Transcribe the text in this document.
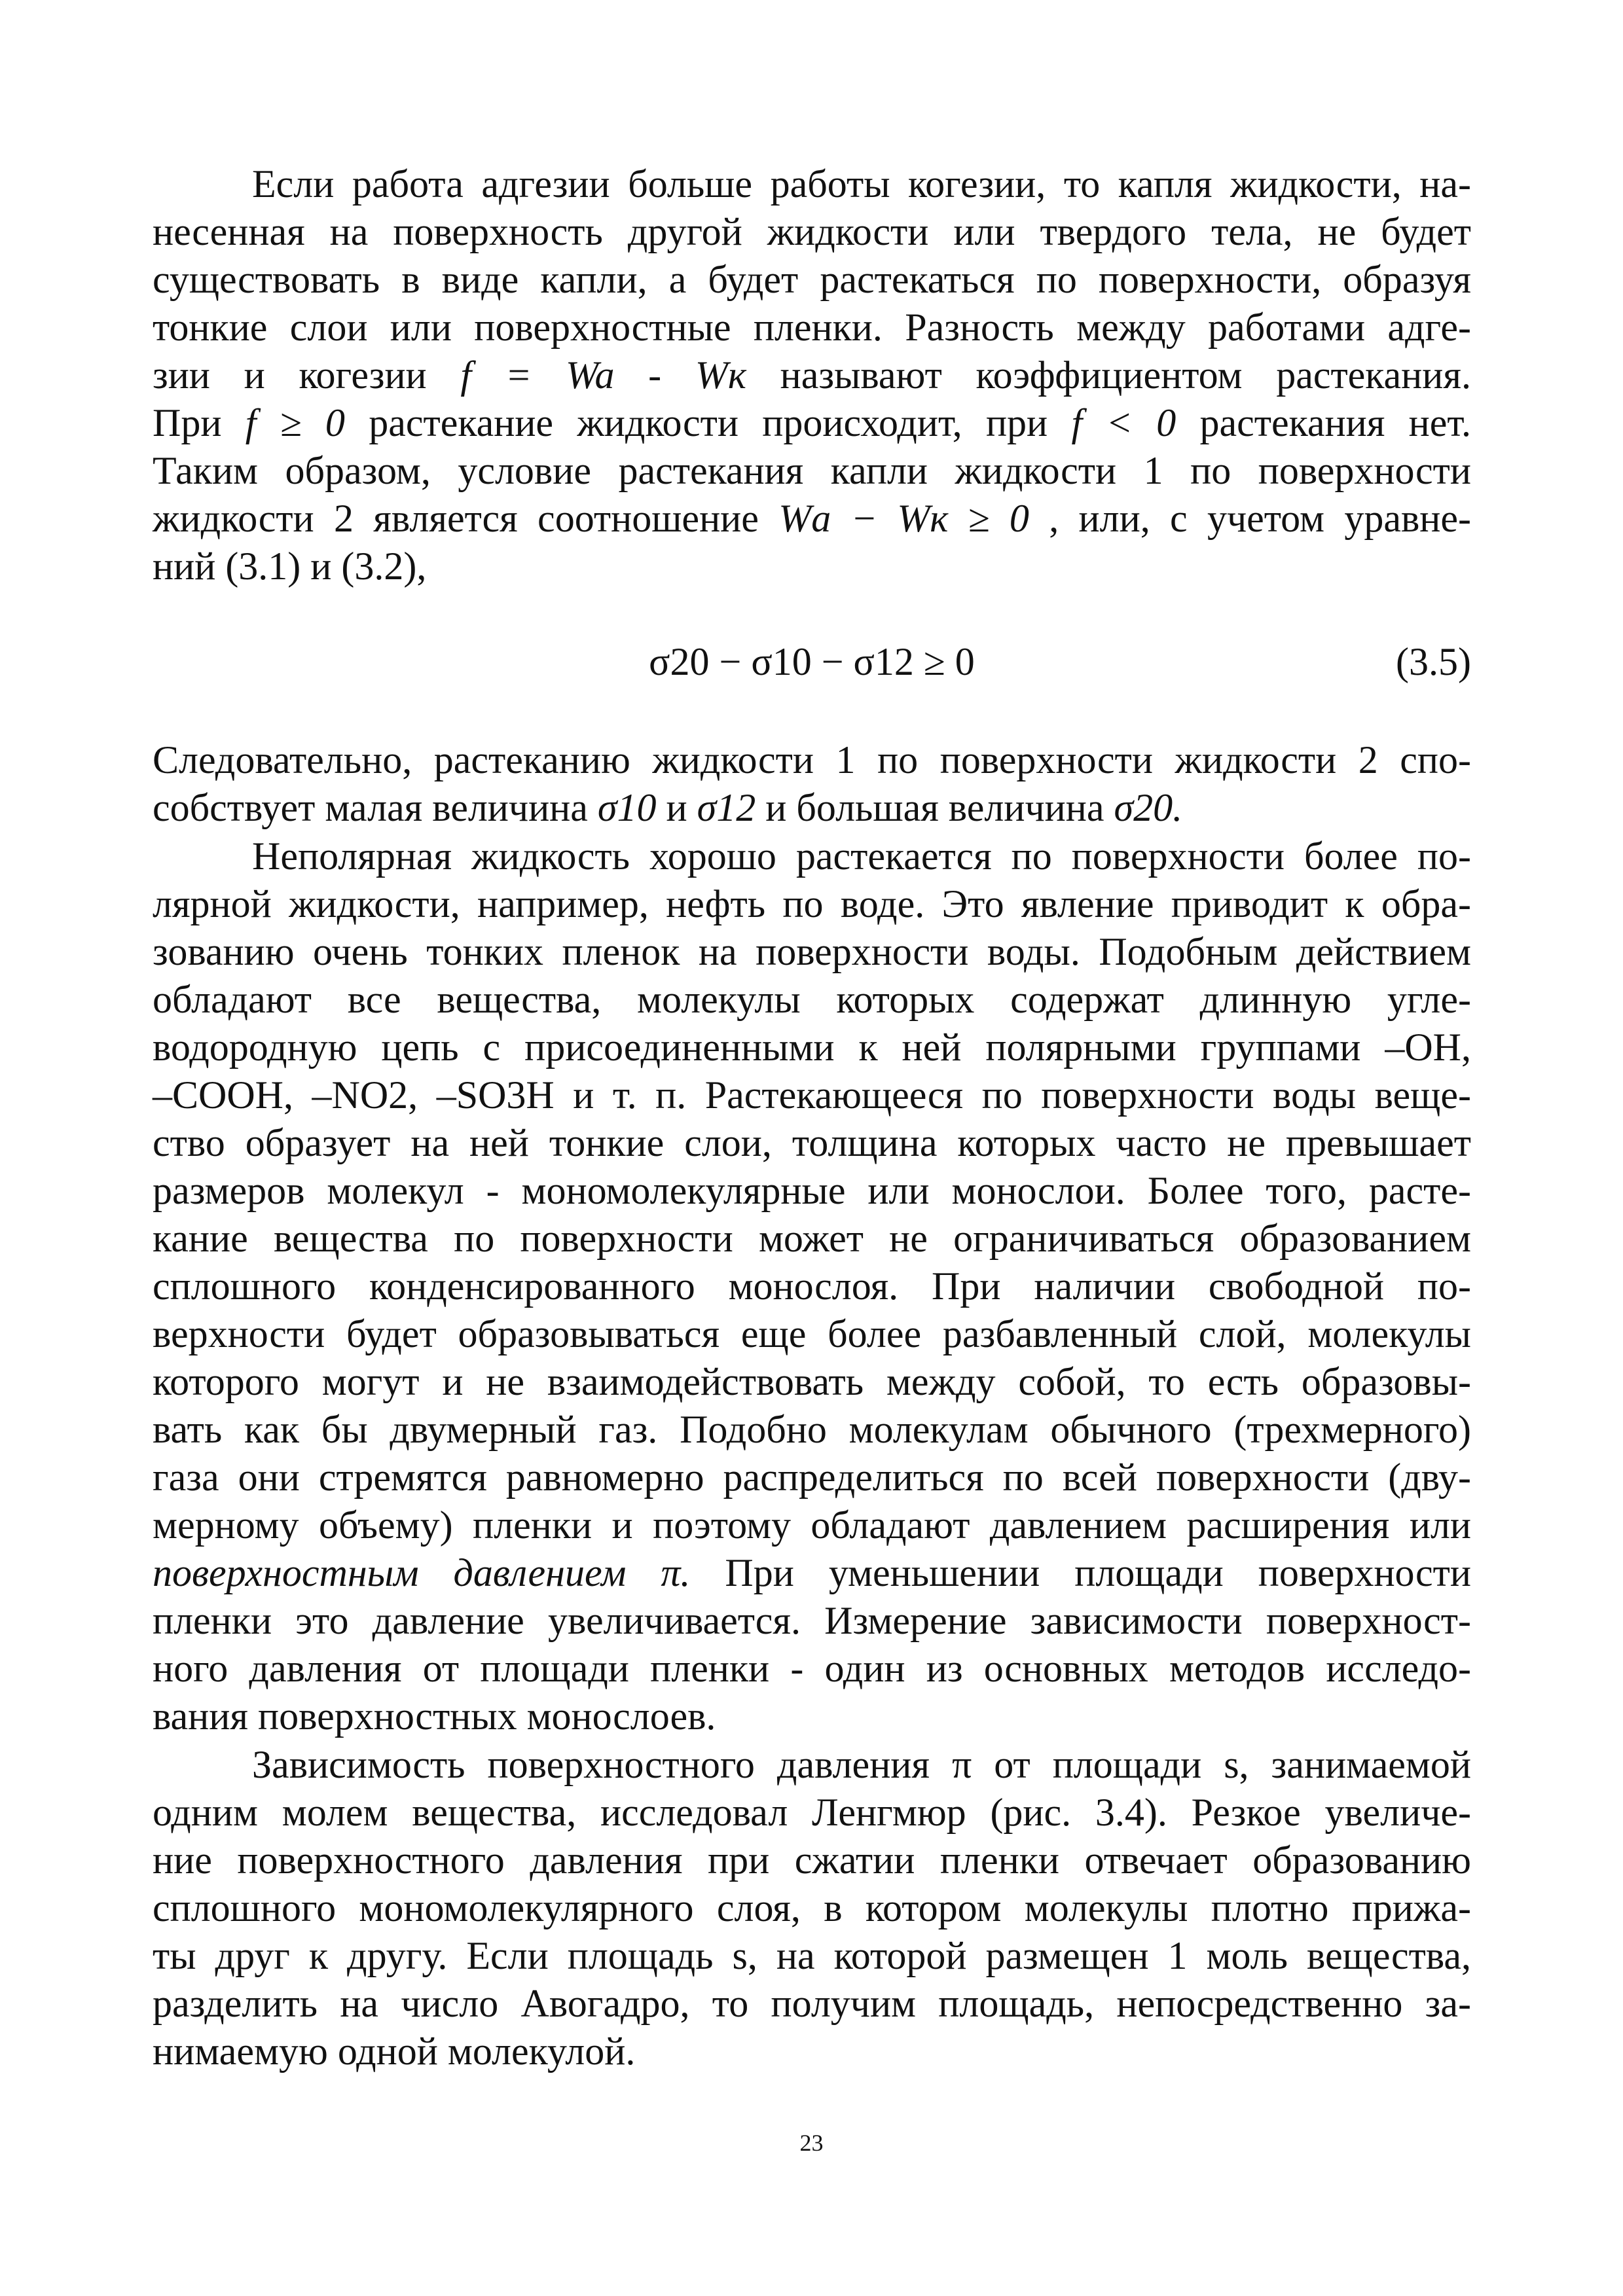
Если работа адгезии больше работы когезии, то капля жидкости, на-
несенная на поверхность другой жидкости или твердого тела, не будет
существовать в виде капли, а будет растекаться по поверхности, образуя
тонкие слои или поверхностные пленки. Разность между работами адге-
зии и когезии f = Wa - Wк называют коэффициентом растекания.
При f ≥ 0 растекание жидкости происходит, при f < 0 растекания нет.
Таким образом, условие растекания капли жидкости 1 по поверхности
жидкости 2 является соотношение Wа − Wк ≥ 0 , или, с учетом уравне-
ний (3.1) и (3.2),
σ20 − σ10 − σ12 ≥ 0	(3.5)
Следовательно, растеканию жидкости 1 по поверхности жидкости 2 спо-
собствует малая величина σ10 и σ12 и большая величина σ20.
Неполярная жидкость хорошо растекается по поверхности более по-
лярной жидкости, например, нефть по воде. Это явление приводит к обра-
зованию очень тонких пленок на поверхности воды. Подобным действием
обладают все вещества, молекулы которых содержат длинную угле-
водородную цепь с присоединенными к ней полярными группами –OH,
–COOH, –NO2, –SO3H и т. п. Растекающееся по поверхности воды веще-
ство образует на ней тонкие слои, толщина которых часто не превышает
размеров молекул - мономолекулярные или монослои. Более того, расте-
кание вещества по поверхности может не ограничиваться образованием
сплошного конденсированного монослоя. При наличии свободной по-
верхности будет образовываться еще более разбавленный слой, молекулы
которого могут и не взаимодействовать между собой, то есть образовы-
вать как бы двумерный газ. Подобно молекулам обычного (трехмерного)
газа они стремятся равномерно распределиться по всей поверхности (дву-
мерному объему) пленки и поэтому обладают давлением расширения или
поверхностным давлением π. При уменьшении площади поверхности
пленки это давление увеличивается. Измерение зависимости поверхност-
ного давления от площади пленки - один из основных методов исследо-
вания поверхностных монослоев.
Зависимость поверхностного давления π от площади s, занимаемой
одним молем вещества, исследовал Ленгмюр (рис. 3.4). Резкое увеличе-
ние поверхностного давления при сжатии пленки отвечает образованию
сплошного мономолекулярного слоя, в котором молекулы плотно прижа-
ты друг к другу. Если площадь s, на которой размещен 1 моль вещества,
разделить на число Авогадро, то получим площадь, непосредственно за-
нимаемую одной молекулой.
23
